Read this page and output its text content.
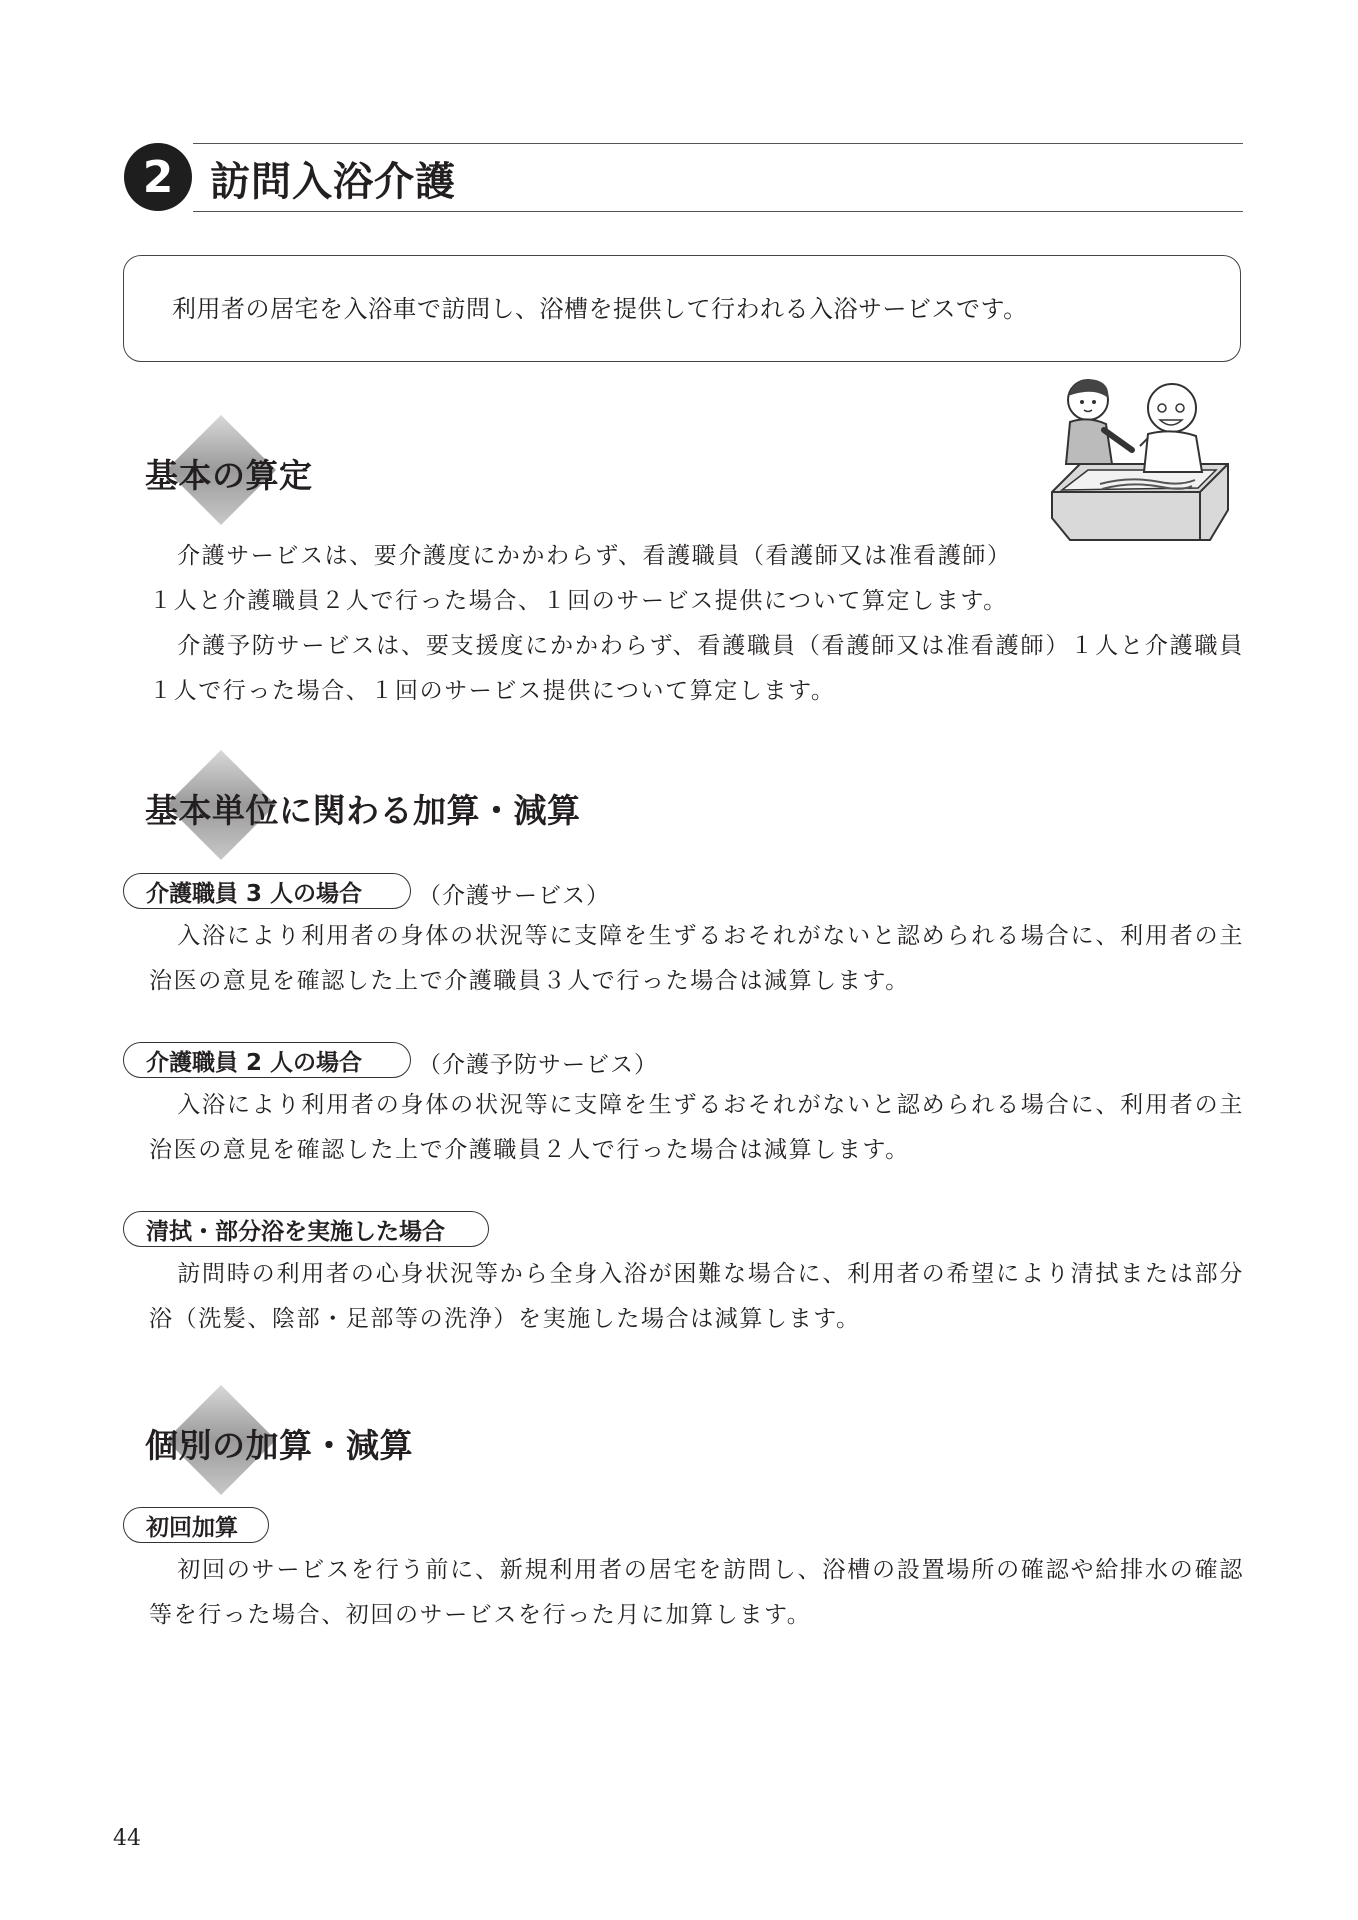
2 訪問入浴介護
利用者の居宅を入浴車で訪問し、浴槽を提供して行われる入浴サービスです。
基本の算定

介護サービスは、要介護度にかかわらず、看護職員（看護師又は准看護師）
１人と介護職員２人で行った場合、１回のサービス提供について算定します。

介護予防サービスは、要支援度にかかわらず、看護職員（看護師又は准看護師）１人と介護職員１人で行った場合、１回のサービス提供について算定します。

基本単位に関わる加算・減算
介護職員 3 人の場合	（介護サービス）

入浴により利用者の身体の状況等に支障を生ずるおそれがないと認められる場合に、利用者の主治医の意見を確認した上で介護職員３人で行った場合は減算します。

介護職員 2 人の場合	（介護予防サービス）

入浴により利用者の身体の状況等に支障を生ずるおそれがないと認められる場合に、利用者の主治医の意見を確認した上で介護職員２人で行った場合は減算します。

清拭・部分浴を実施した場合

訪問時の利用者の心身状況等から全身入浴が困難な場合に、利用者の希望により清拭または部分浴（洗髪、陰部・足部等の洗浄）を実施した場合は減算します。

個別の加算・減算
初回加算

初回のサービスを行う前に、新規利用者の居宅を訪問し、浴槽の設置場所の確認や給排水の確認等を行った場合、初回のサービスを行った月に加算します。

44
